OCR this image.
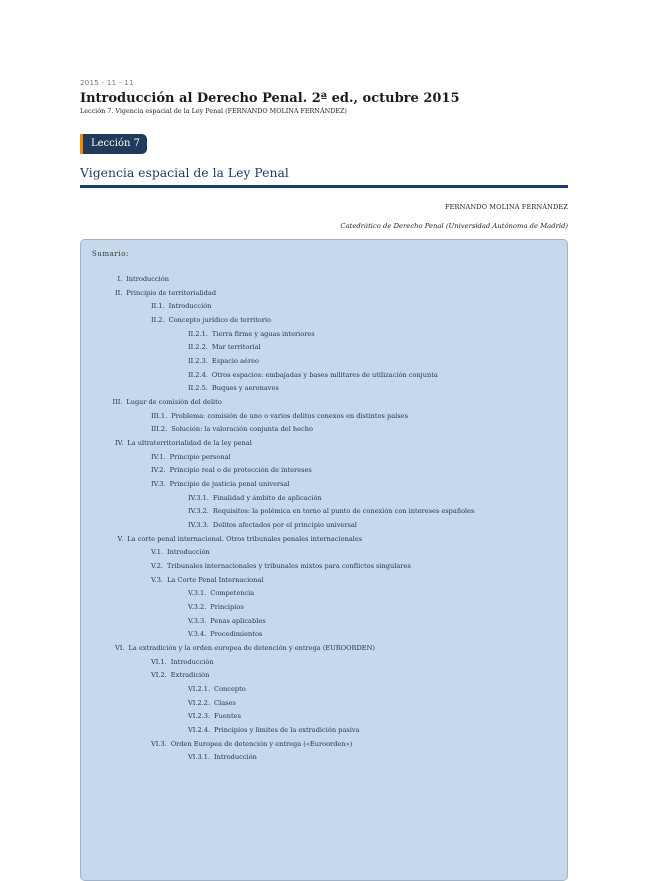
2015 - 11 - 11
Introducción al Derecho Penal. 2ª ed., octubre 2015
Lección 7. Vigencia espacial de la Ley Penal (FERNANDO MOLINA FERNÁNDEZ)
Lección 7
Vigencia espacial de la Ley Penal
FERNANDO MOLINA FERNÁNDEZ
Catedrático de Derecho Penal (Universidad Autónoma de Madrid)
Sumario:
I. Introducción
II. Principio de territorialidad
II.1. Introducción
II.2. Concepto jurídico de territorio
II.2.1. Tierra firme y aguas interiores
II.2.2. Mar territorial
II.2.3. Espacio aéreo
II.2.4. Otros espacios: embajadas y bases militares de utilización conjunta
II.2.5. Buques y aeronaves
III. Lugar de comisión del delito
III.1. Problema: comisión de uno o varios delitos conexos en distintos países
III.2. Solución: la valoración conjunta del hecho
IV. La ultraterritorialidad de la ley penal
IV.1. Principio personal
IV.2. Principio real o de protección de intereses
IV.3. Principio de justicia penal universal
IV.3.1. Finalidad y ámbito de aplicación
IV.3.2. Requisitos: la polémica en torno al punto de conexión con intereses españoles
IV.3.3. Delitos afectados por el principio universal
V. La corte penal internacional. Otros tribunales penales internacionales
V.1. Introducción
V.2. Tribunales internacionales y tribunales mixtos para conflictos singulares
V.3. La Corte Penal Internacional
V.3.1. Competencia
V.3.2. Principios
V.3.3. Penas aplicables
V.3.4. Procedimientos
VI. La extradición y la orden europea de detención y entrega (EUROORDEN)
VI.1. Introducción
VI.2. Extradición
VI.2.1. Concepto
VI.2.2. Clases
VI.2.3. Fuentes
VI.2.4. Principios y límites de la extradición pasiva
VI.3. Orden Europea de detención y entrega («Euroorden»)
VI.3.1. Introducción
